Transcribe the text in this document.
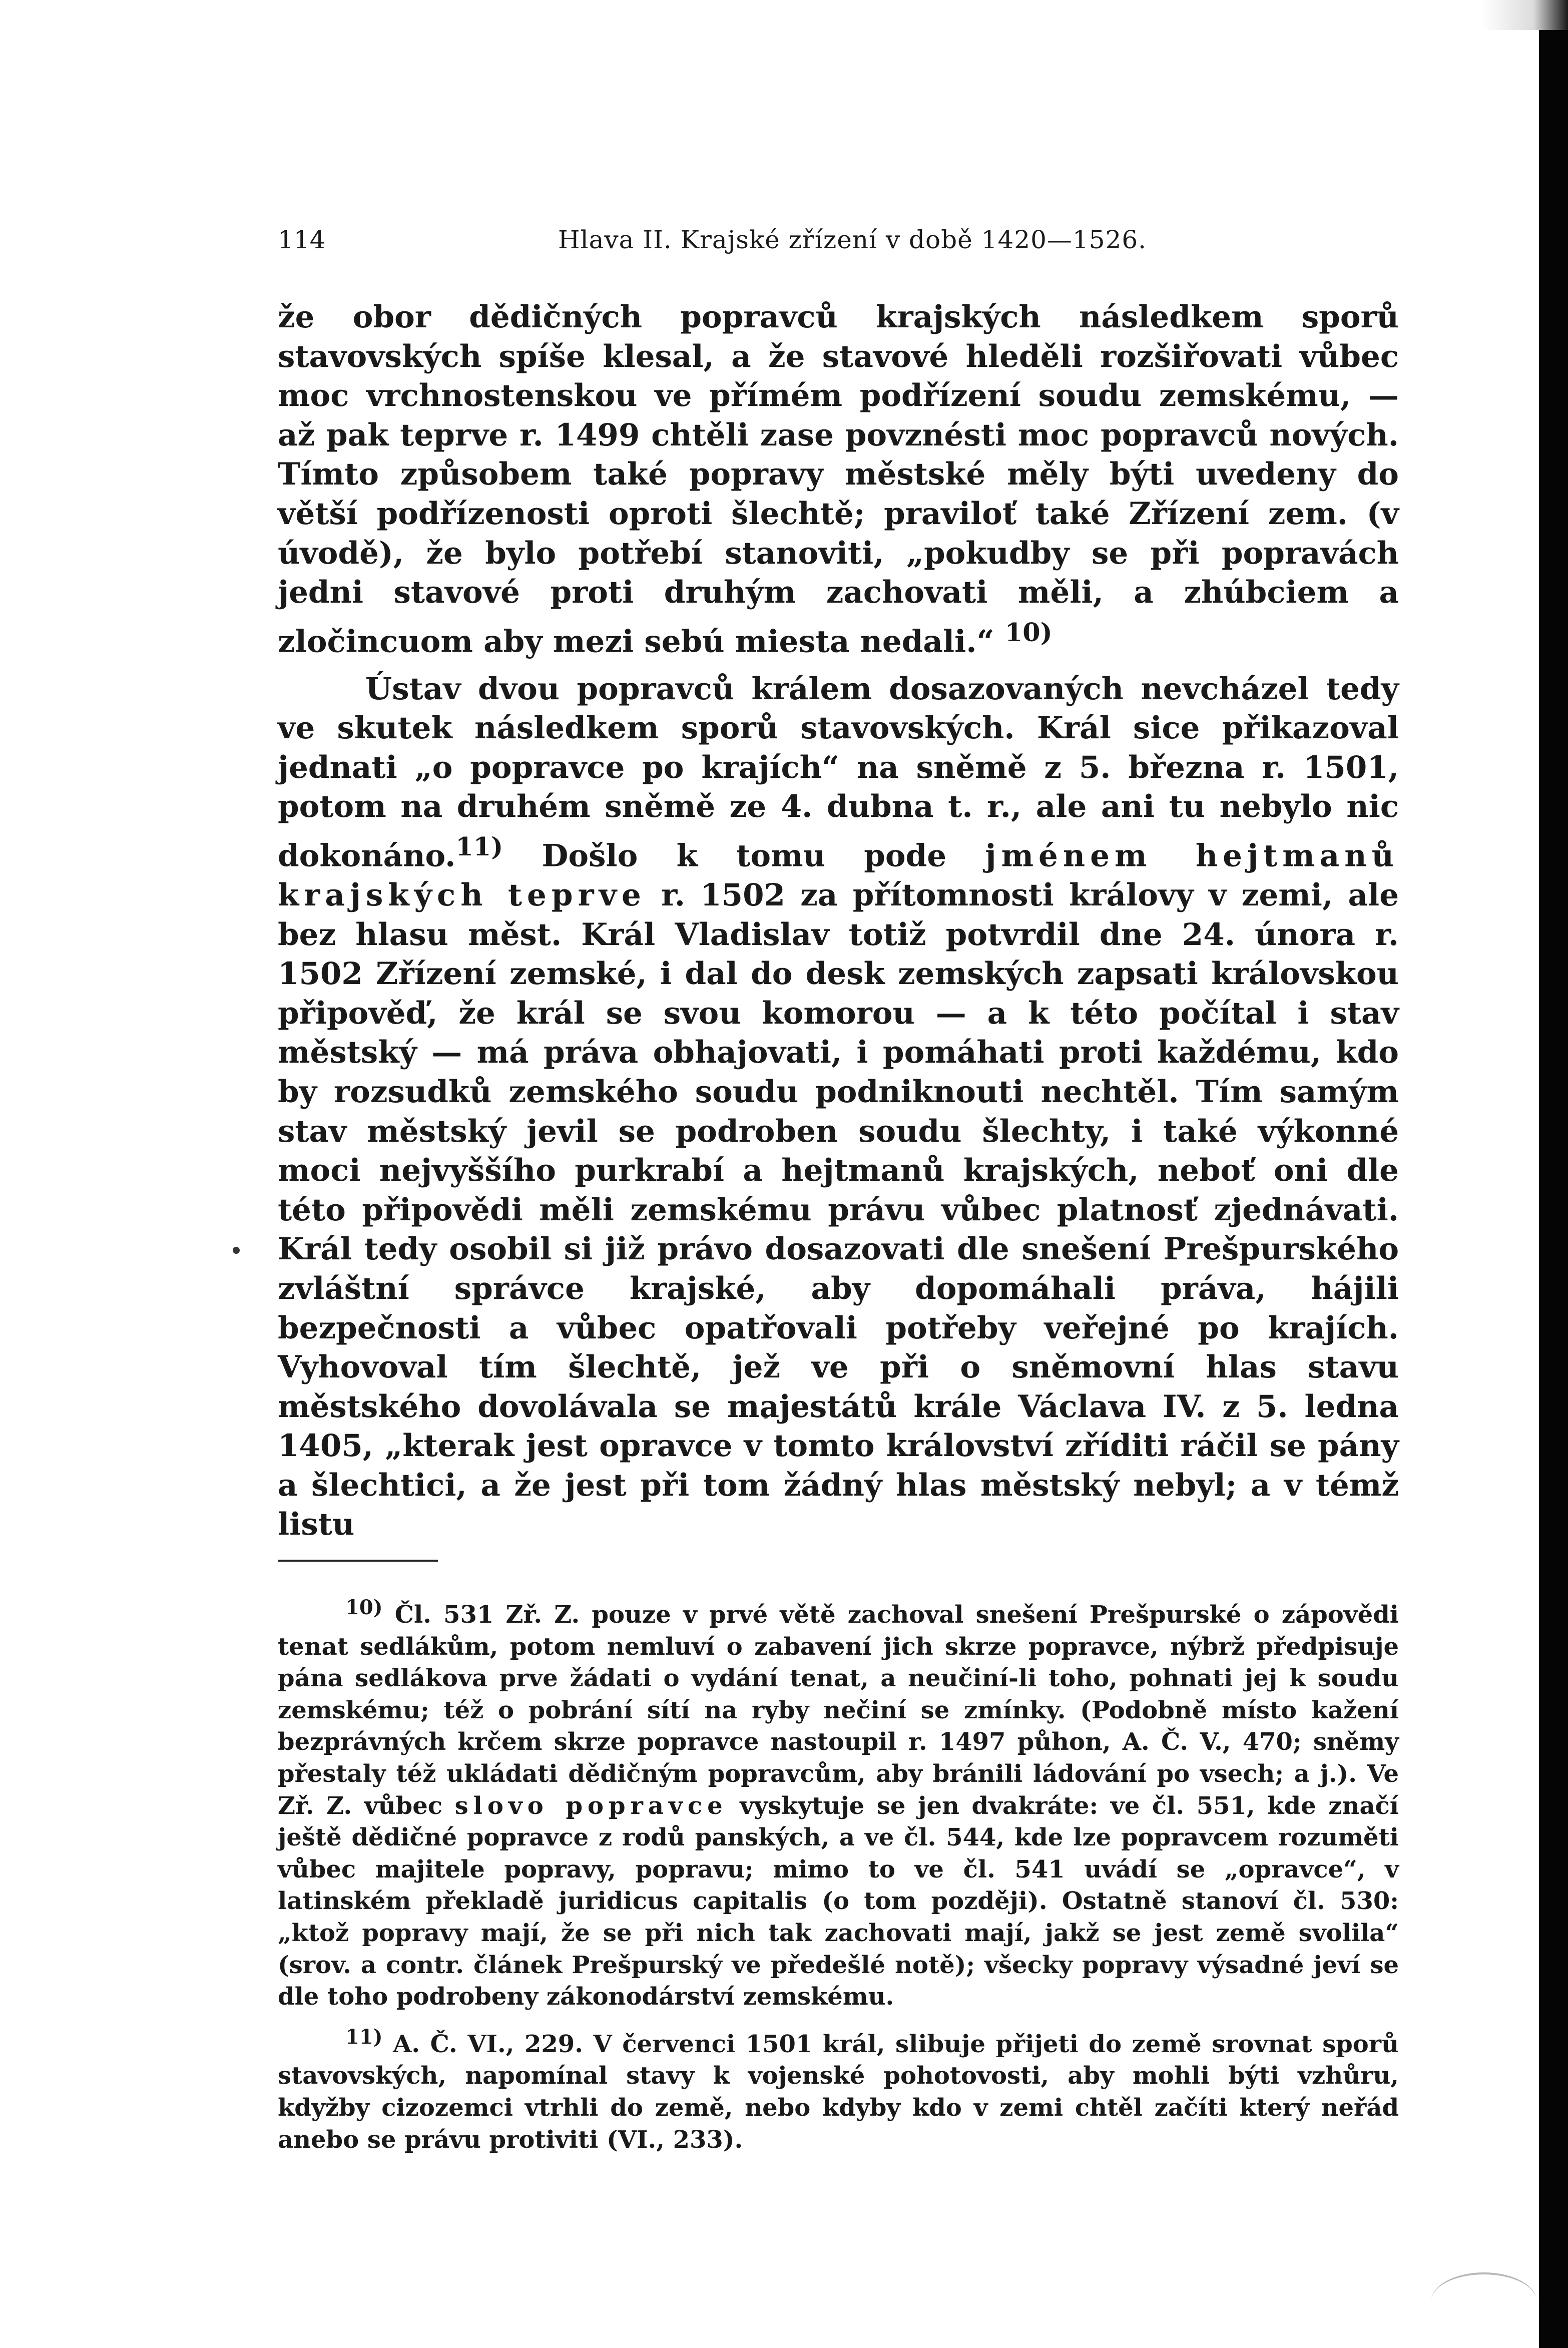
114	Hlava II. Krajské zřízení v době 1420—1526.

že obor dědičných popravců krajských následkem sporů stavovských spíše klesal, a že stavové hleděli rozšiřovati vůbec moc vrchnostenskou ve přímém podřízení soudu zemskému, — až pak teprve r. 1499 chtěli zase povznésti moc popravců nových. Tímto způsobem také popravy městské měly býti uvedeny do větší podřízenosti oproti šlechtě; praviloť také Zřízení zem. (v úvodě), že bylo potřebí stanoviti, „pokudby se při popravách jedni stavové proti druhým zachovati měli, a zhúbciem a zločincuom aby mezi sebú miesta nedali.“ $^{10)}$

Ústav dvou popravců králem dosazovaných nevcházel tedy ve skutek následkem sporů stavovských. Král sice přikazoval jednati „o popravce po krajích“ na sněmě z 5. března r. 1501, potom na druhém sněmě ze 4. dubna t. r., ale ani tu nebylo nic dokonáno.$^{11)}$ Došlo k tomu pode jménem hejtmanů krajských teprve r. 1502 za přítomnosti královy v zemi, ale bez hlasu měst. Král Vladislav totiž potvrdil dne 24. února r. 1502 Zřízení zemské, i dal do desk zemských zapsati královskou připověď, že král se svou komorou — a k této počítal i stav městský — má práva obhajovati, i pomáhati proti každému, kdo by rozsudků zemského soudu podniknouti nechtěl. Tím samým stav městský jevil se podroben soudu šlechty, i také výkonné moci nejvyššího purkrabí a hejtmanů krajských, neboť oni dle této připovědi měli zemskému právu vůbec platnosť zjednávati. Král tedy osobil si již právo dosazovati dle snešení Prešpurského zvláštní správce krajské, aby dopomáhali práva, hájili bezpečnosti a vůbec opatřovali potřeby veřejné po krajích. Vyhovoval tím šlechtě, jež ve při o sněmovní hlas stavu městského dovolávala se majestátů krále Václava IV. z 5. ledna 1405, „kterak jest opravce v tomto království zříditi ráčil se pány a šlechtici, a že jest při tom žádný hlas městský nebyl; a v témž listu

$^{10)}$ Čl. 531 Zř. Z. pouze v prvé větě zachoval snešení Prešpurské o zápovědi tenat sedlákům, potom nemluví o zabavení jich skrze popravce, nýbrž předpisuje pána sedlákova prve žádati o vydání tenat, a neučiní-li toho, pohnati jej k soudu zemskému; též o pobrání sítí na ryby nečiní se zmínky. (Podobně místo kažení bezprávných krčem skrze popravce nastoupil r. 1497 půhon, A. Č. V., 470; sněmy přestaly též ukládati dědičným popravcům, aby bránili ládování po vsech; a j.). Ve Zř. Z. vůbec slovo popravce vyskytuje se jen dvakráte: ve čl. 551, kde značí ještě dědičné popravce z rodů panských, a ve čl. 544, kde lze popravcem rozuměti vůbec majitele popravy, popravu; mimo to ve čl. 541 uvádí se „opravce“, v latinském překladě juridicus capitalis (o tom později). Ostatně stanoví čl. 530: „ktož popravy mají, že se při nich tak zachovati mají, jakž se jest země svolila“ (srov. a contr. článek Prešpurský ve předešlé notě); všecky popravy výsadné jeví se dle toho podrobeny zákonodárství zemskému.

$^{11)}$ A. Č. VI., 229. V červenci 1501 král, slibuje přijeti do země srovnat sporů stavovských, napomínal stavy k vojenské pohotovosti, aby mohli býti vzhůru, kdyžby cizozemci vtrhli do země, nebo kdyby kdo v zemi chtěl začíti který neřád anebo se právu protiviti (VI., 233).
